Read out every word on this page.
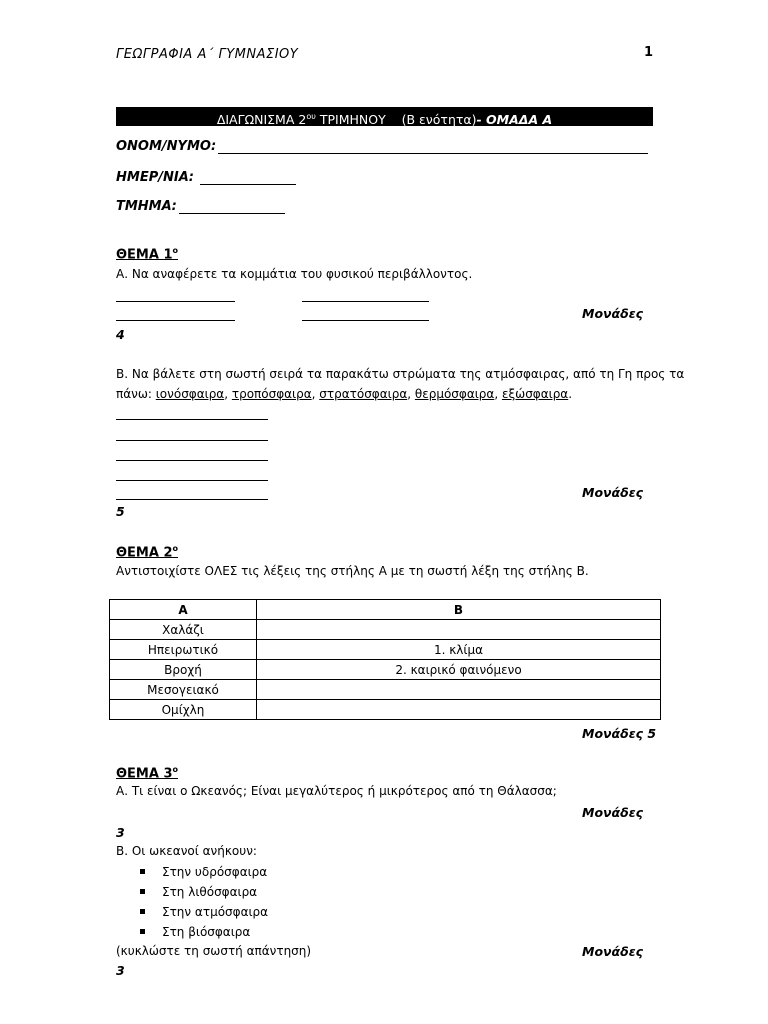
ΓΕΩΓΡΑΦΙΑ Α΄ ΓΥΜΝΑΣΙΟΥ	1
ΔΙΑΓΩΝΙΣΜΑ $2^{o\upsilon}$ ΤΡΙΜΗΝΟΥ (Β ενότητα)- ΟΜΑΔΑ Α
ΟΝΟΜ/ΝΥΜΟ:
ΗΜΕΡ/ΝΙΑ:
ΤΜΗΜΑ:
ΘΕΜΑ $1^o$
Α. Να αναφέρετε τα κομμάτια του φυσικού περιβάλλοντος.
Μονάδες
4
Β. Να βάλετε στη σωστή σειρά τα παρακάτω στρώματα της ατμόσφαιρας, από τη Γη προς τα
πάνω: ιονόσφαιρα, τροπόσφαιρα, στρατόσφαιρα, θερμόσφαιρα, εξώσφαιρα.
Μονάδες
5
ΘΕΜΑ $2^o$
Αντιστοιχίστε ΟΛΕΣ τις λέξεις της στήλης Α με τη σωστή λέξη της στήλης Β.
Α	Β
Χαλάζι	
Ηπειρωτικό	1. κλίμα
Βροχή	2. καιρικό φαινόμενο
Μεσογειακό	
Ομίχλη	
Μονάδες 5
ΘΕΜΑ $3^o$
Α. Τι είναι ο Ωκεανός; Είναι μεγαλύτερος ή μικρότερος από τη Θάλασσα;
Μονάδες
3
Β. Οι ωκεανοί ανήκουν:
Στην υδρόσφαιρα
Στη λιθόσφαιρα
Στην ατμόσφαιρα
Στη βιόσφαιρα
(κυκλώστε τη σωστή απάντηση)	Μονάδες
3
